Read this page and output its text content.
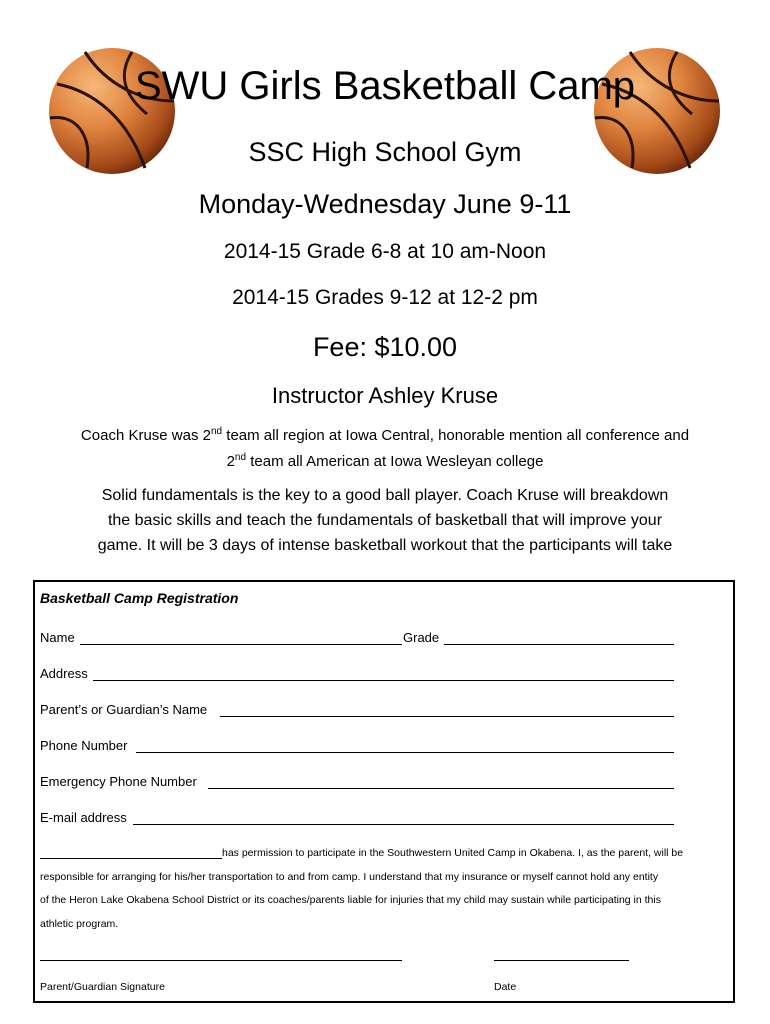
SWU Girls Basketball Camp
SSC High School Gym
Monday-Wednesday June 9-11
2014-15 Grade 6-8 at 10 am-Noon
2014-15 Grades 9-12 at 12-2 pm
Fee: $10.00
Instructor Ashley Kruse
Coach Kruse was 2nd team all region at Iowa Central, honorable mention all conference and
2nd team all American at Iowa Wesleyan college
Solid fundamentals is the key to a good ball player. Coach Kruse will breakdown
the basic skills and teach the fundamentals of basketball that will improve your
game. It will be 3 days of intense basketball workout that the participants will take
Basketball Camp Registration
Name	Grade
Address
Parent’s or Guardian’s Name
Phone Number
Emergency Phone Number
E-mail address
has permission to participate in the Southwestern United Camp in Okabena. I, as the parent, will be
responsible for arranging for his/her transportation to and from camp. I understand that my insurance or myself cannot hold any entity
of the Heron Lake Okabena School District or its coaches/parents liable for injuries that my child may sustain while participating in this
athletic program.
Parent/Guardian Signature	Date
